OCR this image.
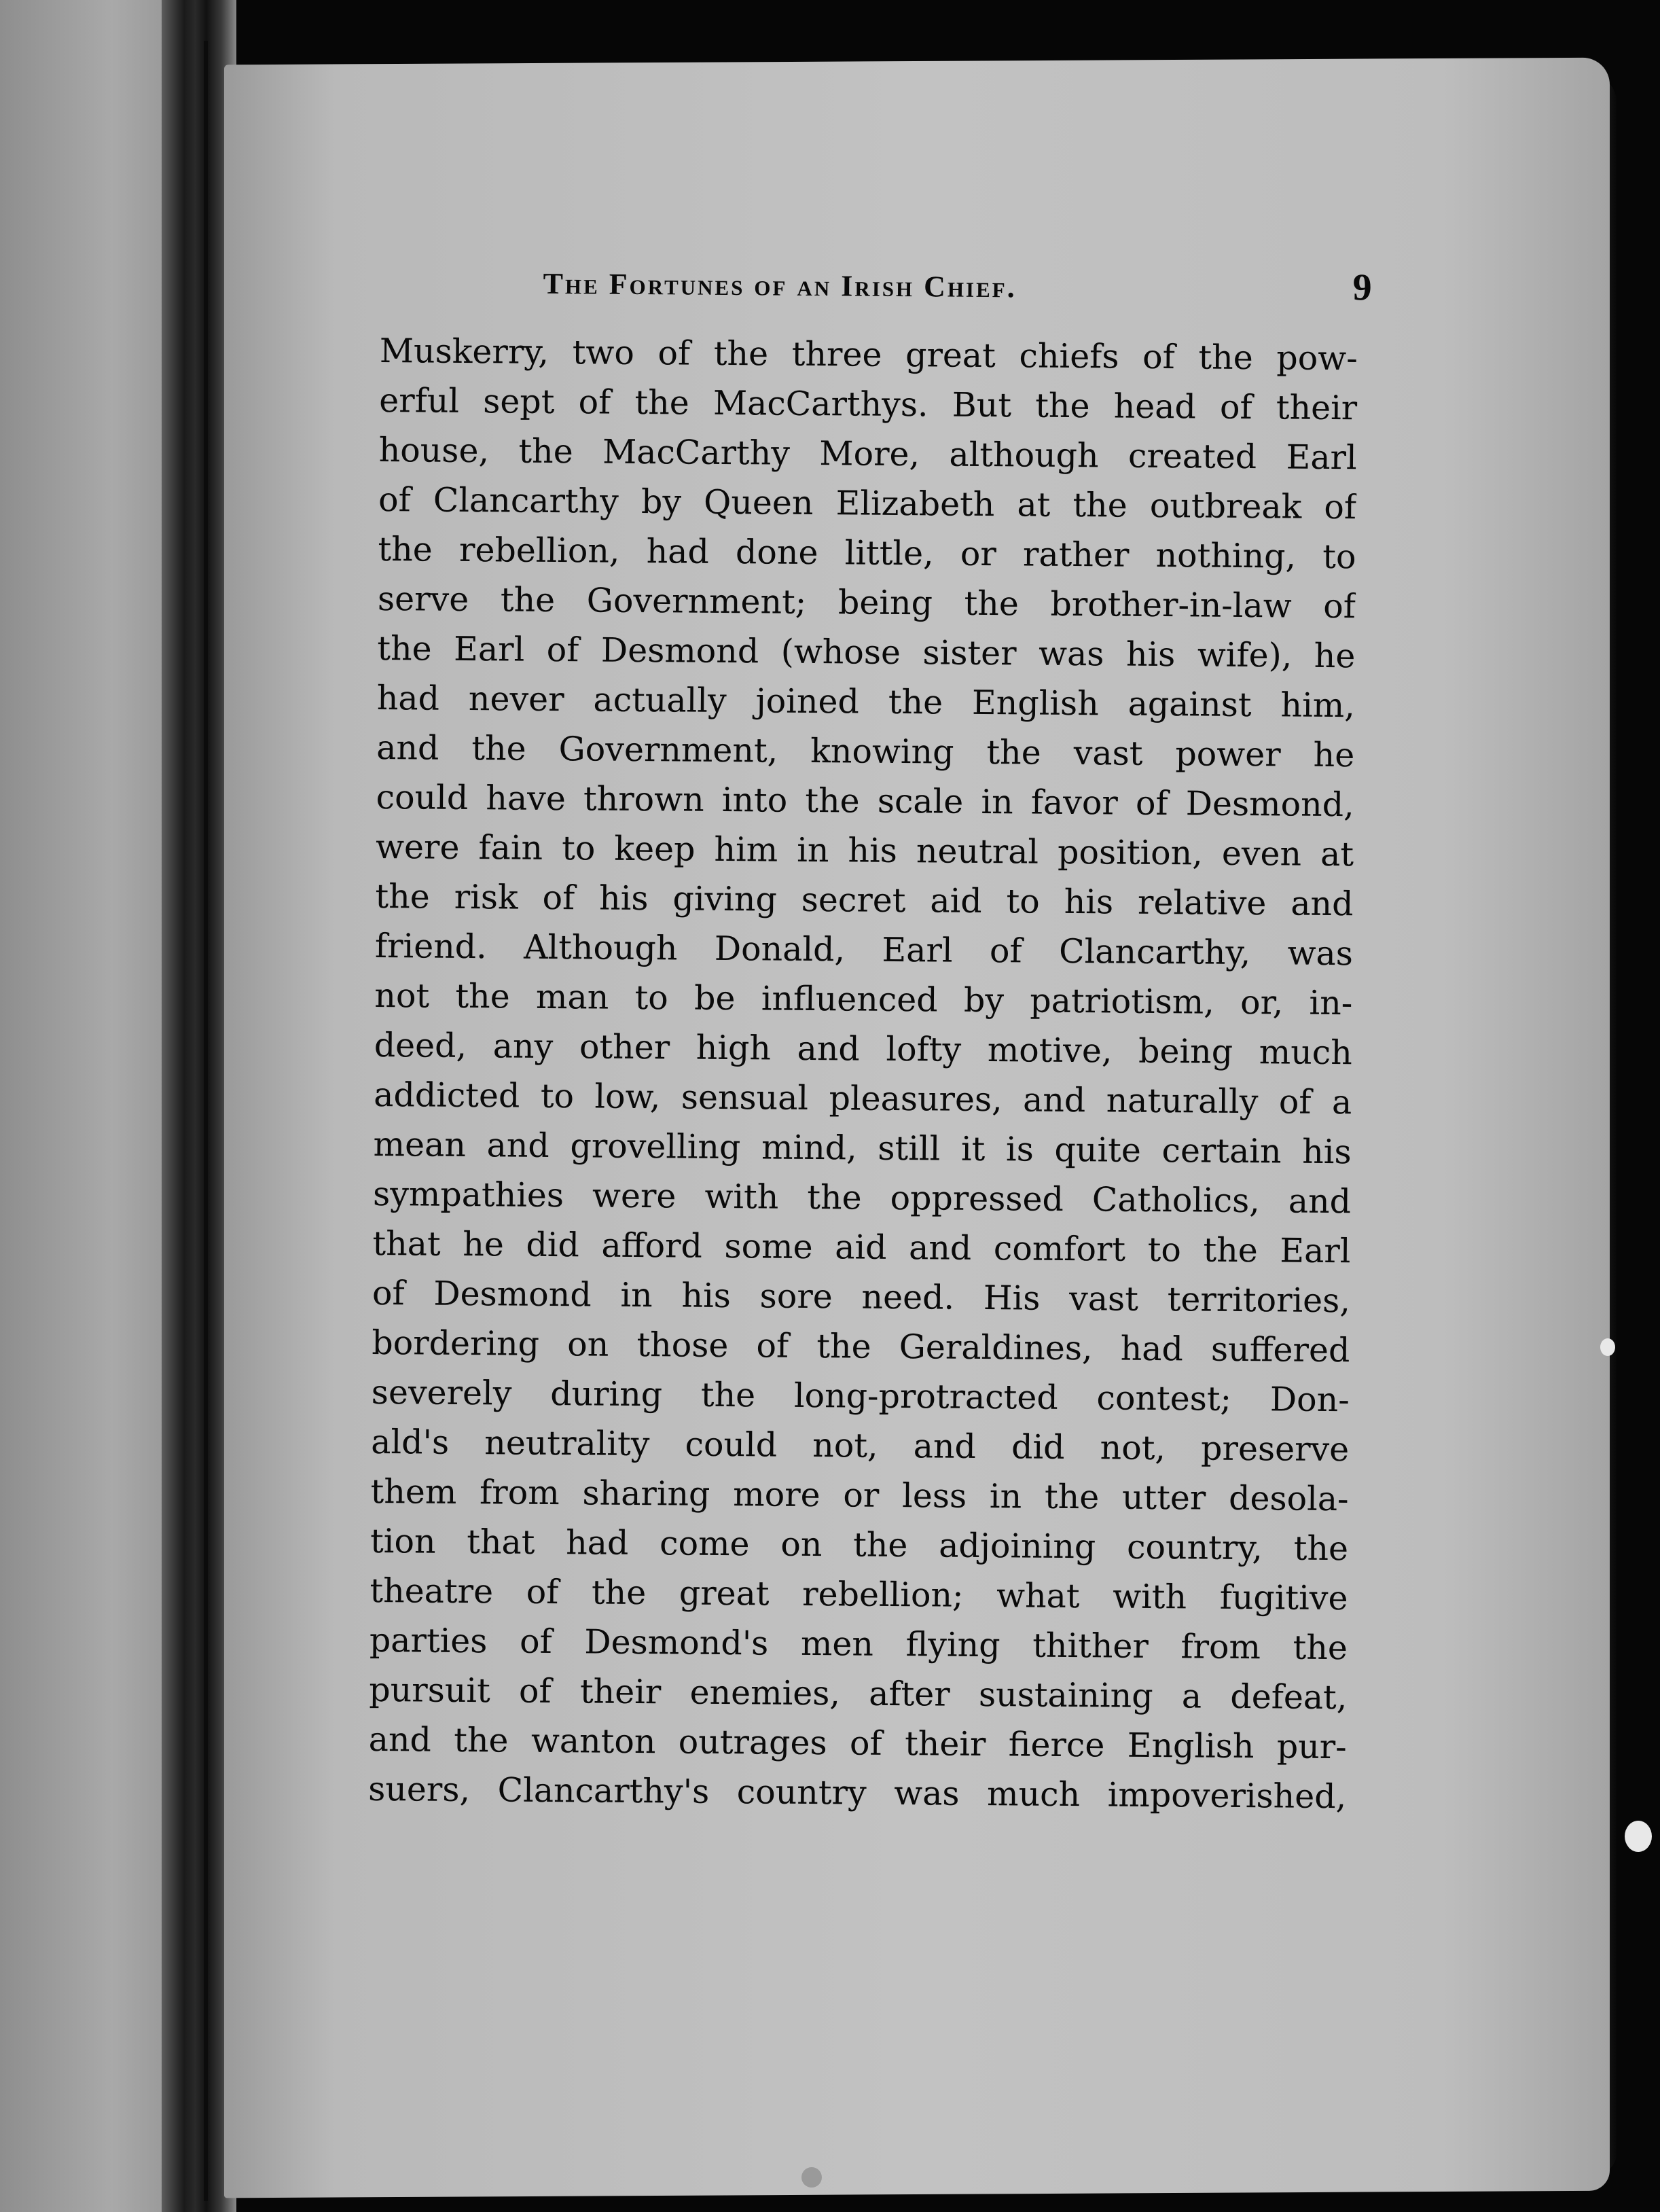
The Fortunes of an Irish Chief.	9
Muskerry, two of the three great chiefs of the pow-
erful sept of the MacCarthys. But the head of their
house, the MacCarthy More, although created Earl
of Clancarthy by Queen Elizabeth at the outbreak of
the rebellion, had done little, or rather nothing, to
serve the Government; being the brother-in-law of
the Earl of Desmond (whose sister was his wife), he
had never actually joined the English against him,
and the Government, knowing the vast power he
could have thrown into the scale in favor of Desmond,
were fain to keep him in his neutral position, even at
the risk of his giving secret aid to his relative and
friend. Although Donald, Earl of Clancarthy, was
not the man to be influenced by patriotism, or, in-
deed, any other high and lofty motive, being much
addicted to low, sensual pleasures, and naturally of a
mean and grovelling mind, still it is quite certain his
sympathies were with the oppressed Catholics, and
that he did afford some aid and comfort to the Earl
of Desmond in his sore need. His vast territories,
bordering on those of the Geraldines, had suffered
severely during the long-protracted contest; Don-
ald's neutrality could not, and did not, preserve
them from sharing more or less in the utter desola-
tion that had come on the adjoining country, the
theatre of the great rebellion; what with fugitive
parties of Desmond's men flying thither from the
pursuit of their enemies, after sustaining a defeat,
and the wanton outrages of their fierce English pur-
suers, Clancarthy's country was much impoverished,
